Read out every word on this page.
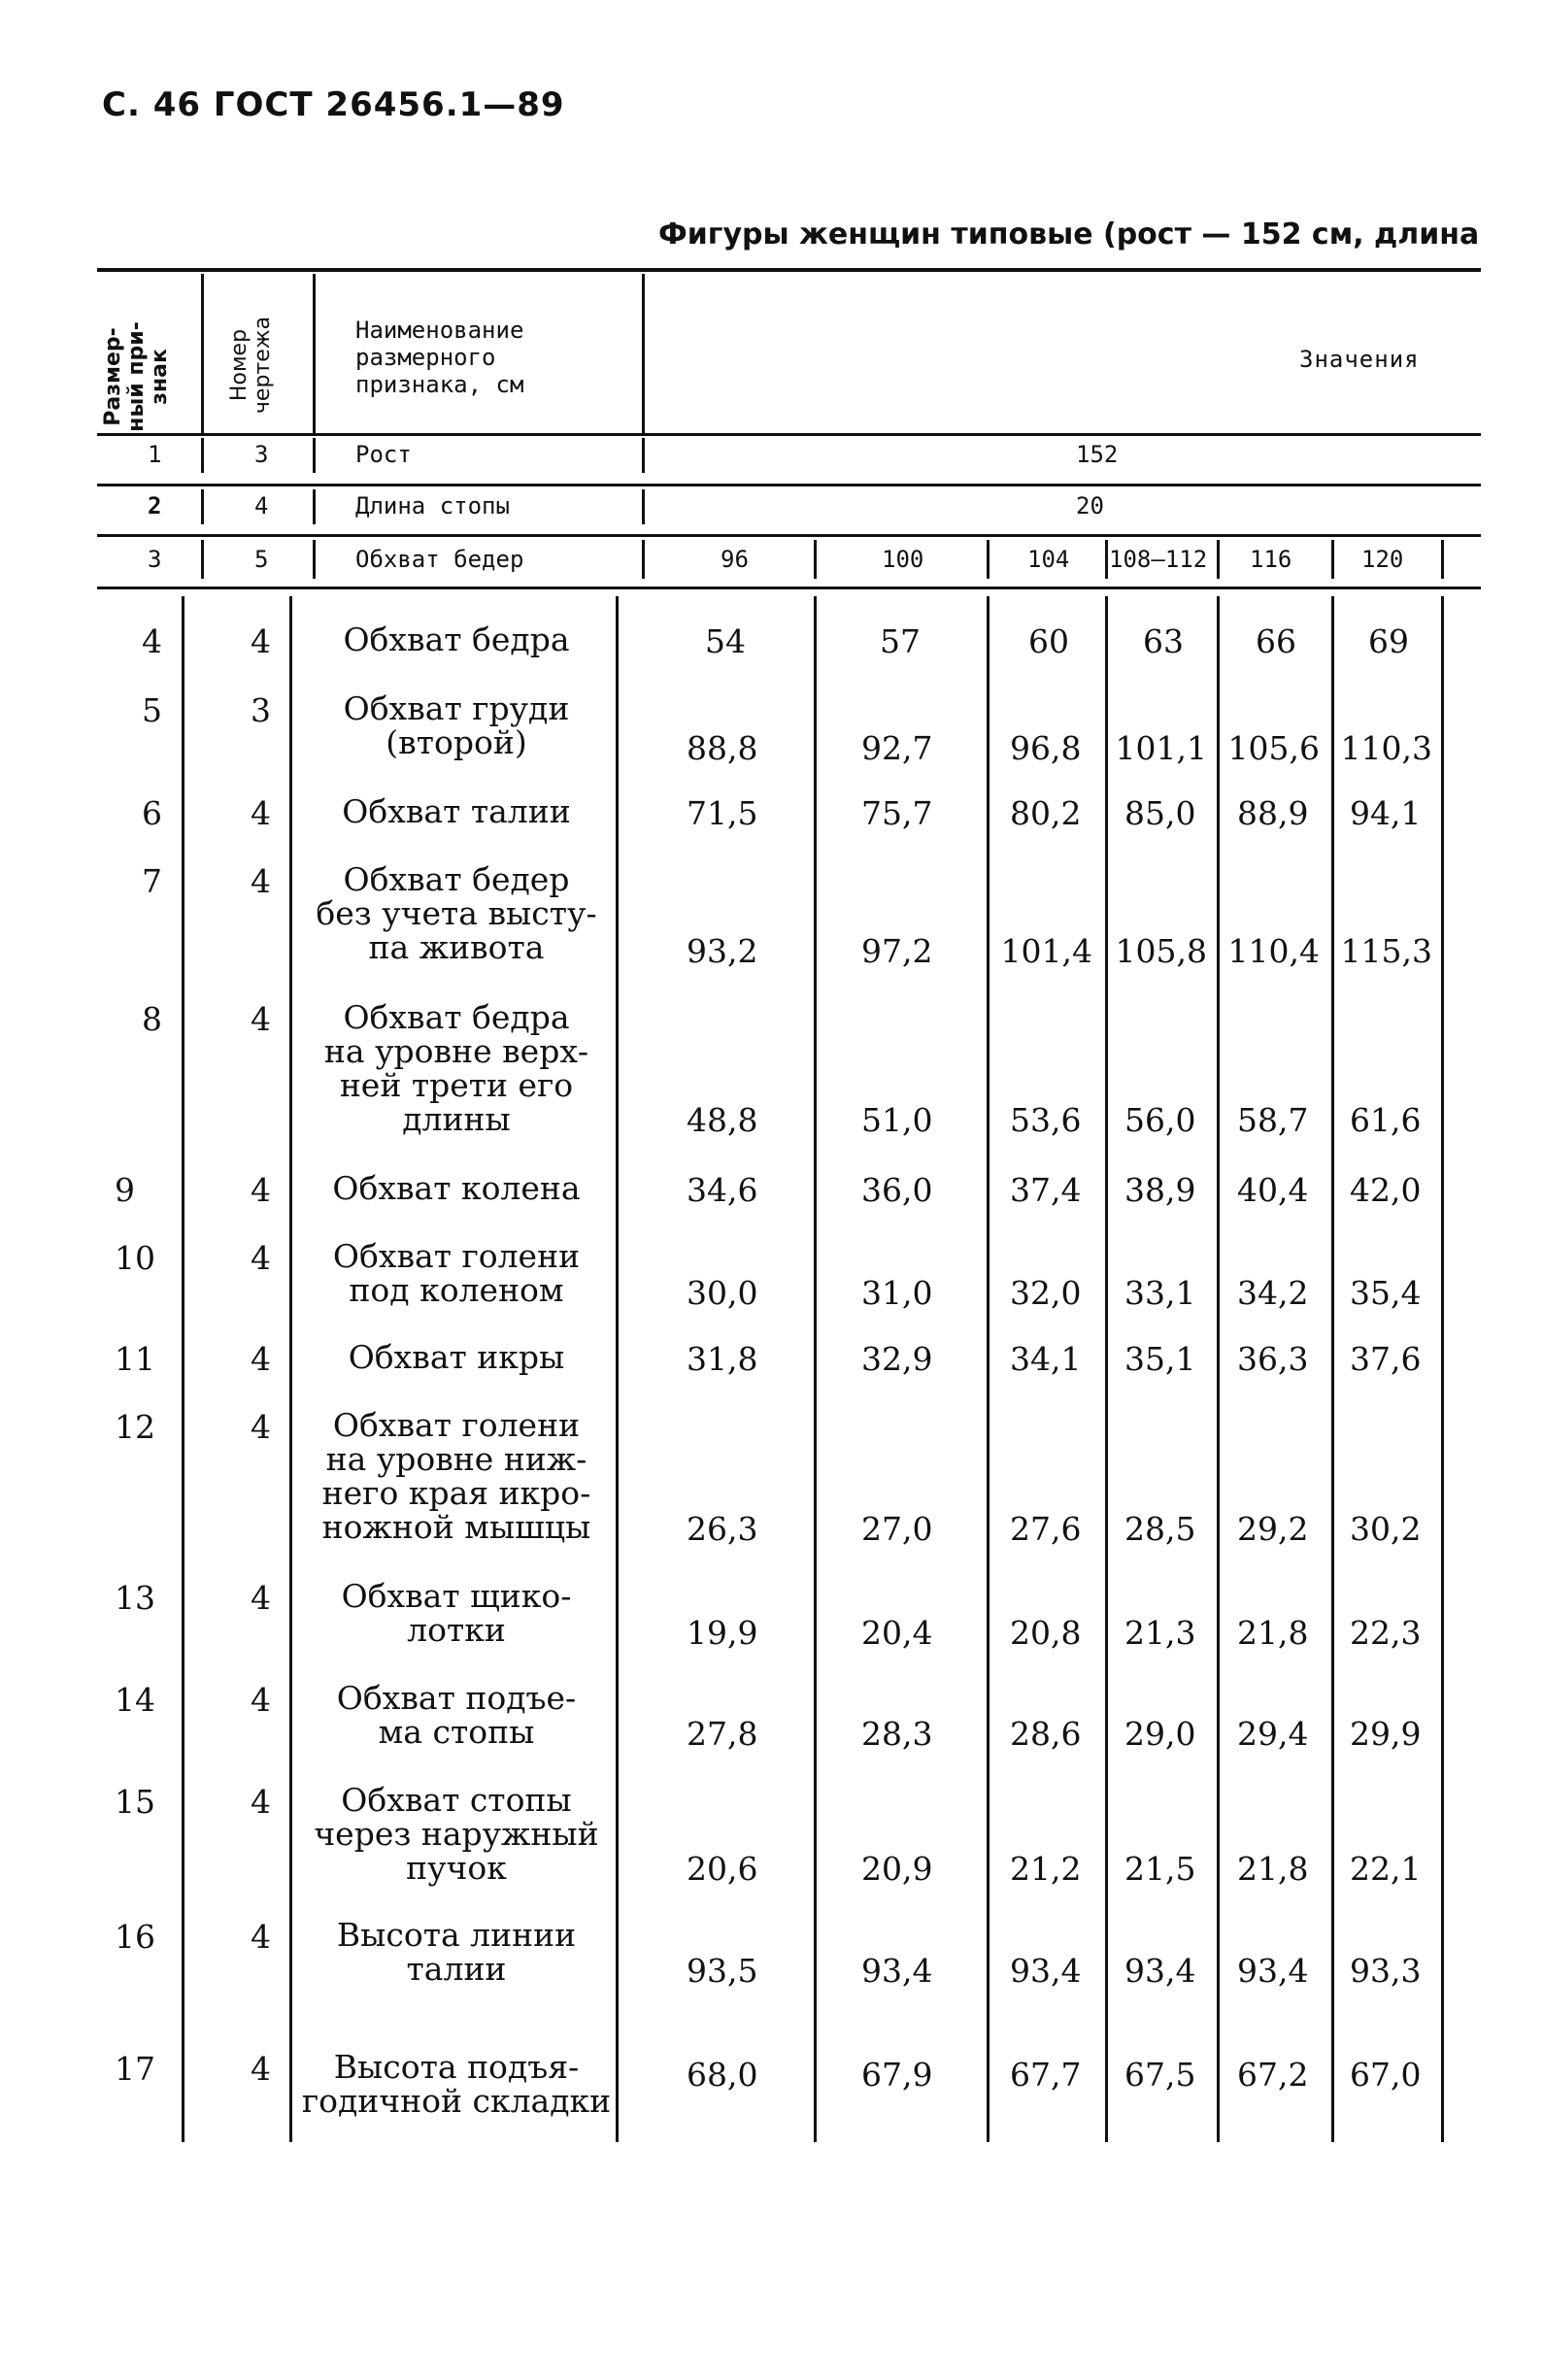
С. 46 ГОСТ 26456.1—89
Фигуры женщин типовые (рост — 152 см, длина
Размер-
ный при-
знак	Номер
чертежа	Наименование
размерного
признака, см
Значения
1	3	Рост	152
2	4	Длина стопы	20
3	5	Обхват бедер	96	100	104 108—112 116	120
4	4	Обхват бедра	54	57	60 63 66 69
5	3	Обхват груди
(второй)	88,8	92,7 96,8 101,1 105,6 110,3
6	4	Обхват талии	71,5	75,7 80,2 85,0 88,9 94,1
7	4	Обхват бедер
без учета высту-
па живота	93,2	97,2 101,4 105,8 110,4 115,3
8	4	Обхват бедра
на уровне верх-
ней трети его
длины	48,8	51,0 53,6 56,0 58,7 61,6
9	4	Обхват колена	34,6	36,0 37,4 38,9 40,4 42,0
10	4	Обхват голени
под коленом	30,0	31,0 32,0 33,1 34,2 35,4
11	4	Обхват икры	31,8	32,9 34,1 35,1 36,3 37,6
12	4	Обхват голени
на уровне ниж-
него края икро-
ножной мышцы	26,3	27,0 27,6 28,5 29,2 30,2
13	4	Обхват щико-
лотки	19,9	20,4 20,8 21,3 21,8 22,3
14	4	Обхват подъе-
ма стопы	27,8	28,3 28,6 29,0 29,4 29,9
15	4	Обхват стопы
через наружный
пучок	20,6	20,9 21,2 21,5 21,8 22,1
16	4	Высота линии
талии	93,5	93,4 93,4 93,4 93,4 93,3
17	4	Высота подъя-
годичной складки
68,0	67,9 67,7 67,5 67,2 67,0
